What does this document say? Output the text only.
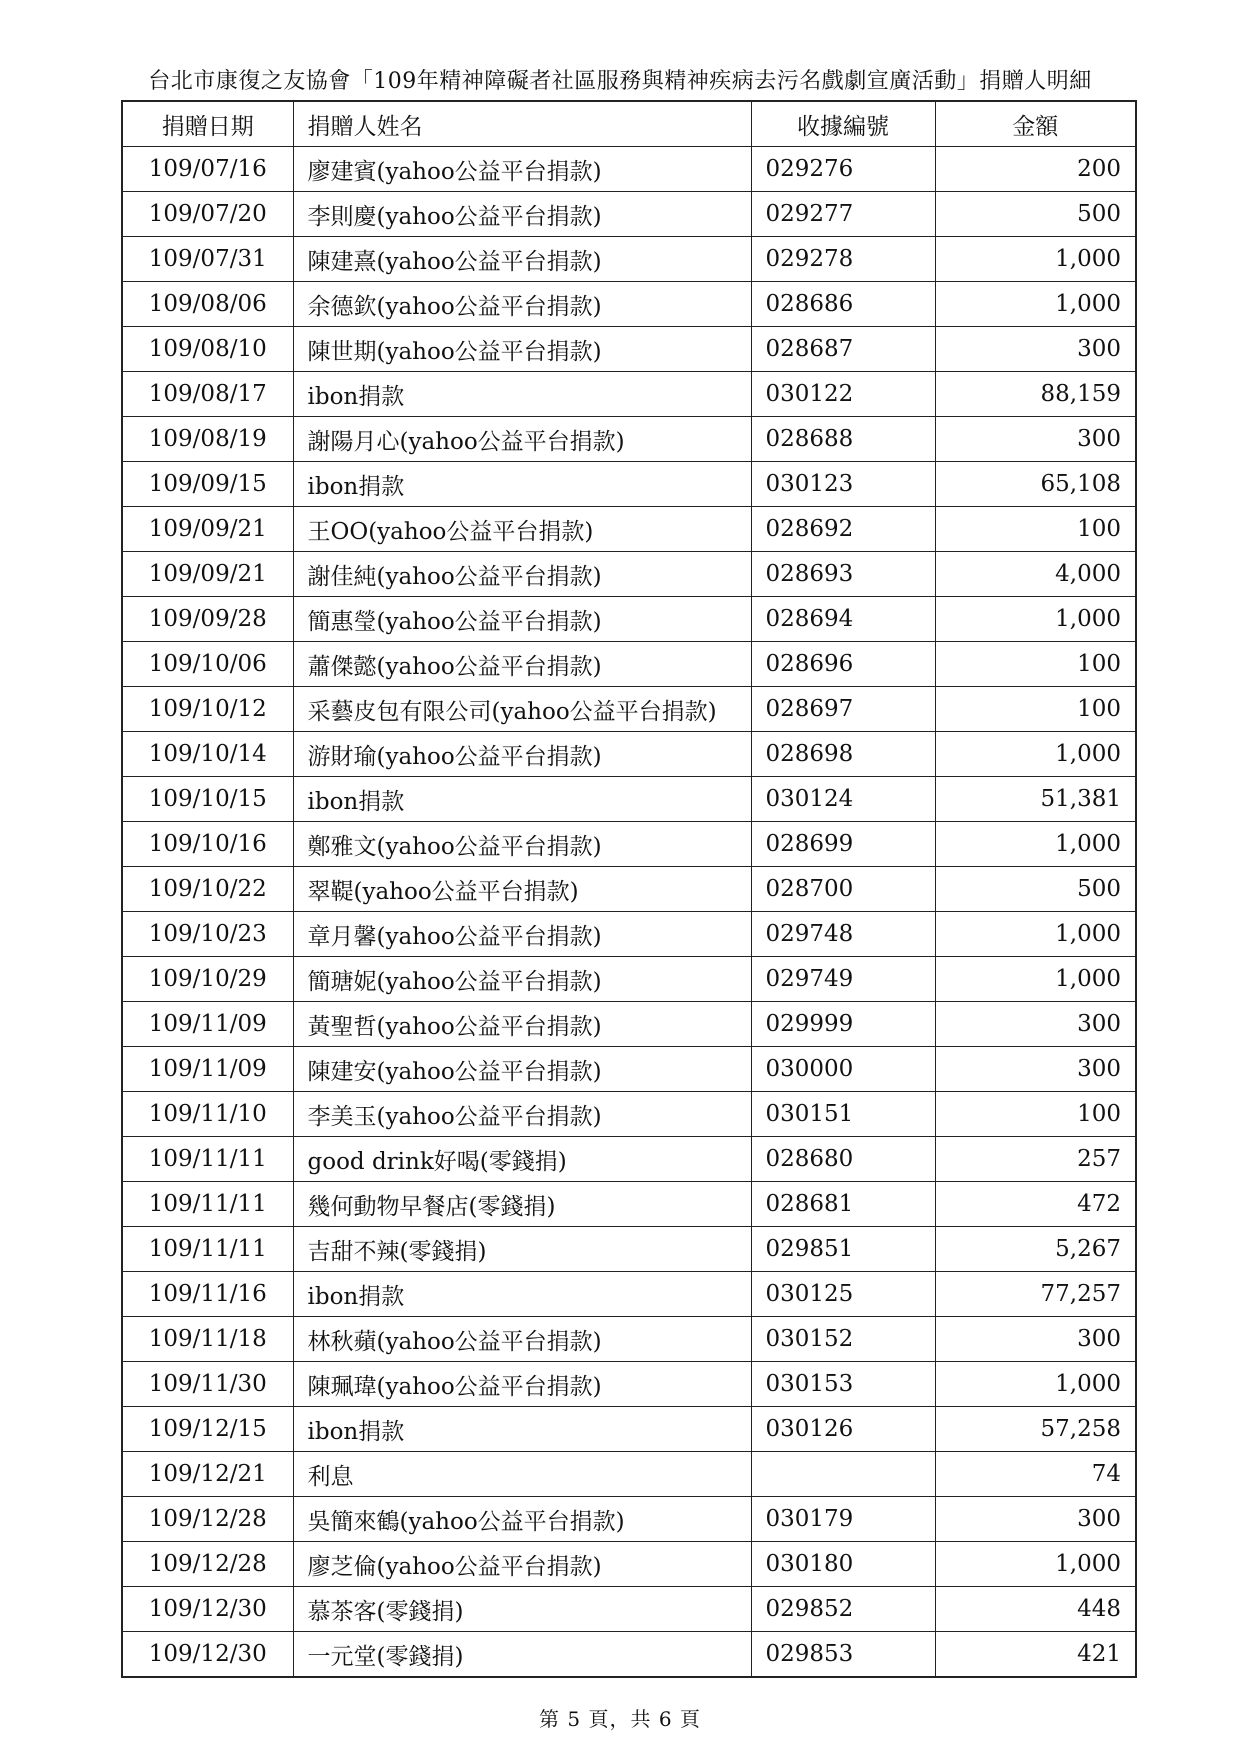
台北市康復之友協會「109年精神障礙者社區服務與精神疾病去污名戲劇宣廣活動」捐贈人明細
捐贈日期	捐贈人姓名	收據編號	金額
109/07/16	廖建賓(yahoo公益平台捐款)	029276	200
109/07/20	李則慶(yahoo公益平台捐款)	029277	500
109/07/31	陳建熹(yahoo公益平台捐款)	029278	1,000
109/08/06	余德欽(yahoo公益平台捐款)	028686	1,000
109/08/10	陳世期(yahoo公益平台捐款)	028687	300
109/08/17	ibon捐款	030122	88,159
109/08/19	謝陽月心(yahoo公益平台捐款)	028688	300
109/09/15	ibon捐款	030123	65,108
109/09/21	王OO(yahoo公益平台捐款)	028692	100
109/09/21	謝佳純(yahoo公益平台捐款)	028693	4,000
109/09/28	簡惠瑩(yahoo公益平台捐款)	028694	1,000
109/10/06	蕭傑懿(yahoo公益平台捐款)	028696	100
109/10/12	采藝皮包有限公司(yahoo公益平台捐款)	028697	100
109/10/14	游財瑜(yahoo公益平台捐款)	028698	1,000
109/10/15	ibon捐款	030124	51,381
109/10/16	鄭雅文(yahoo公益平台捐款)	028699	1,000
109/10/22	翠鞮(yahoo公益平台捐款)	028700	500
109/10/23	章月馨(yahoo公益平台捐款)	029748	1,000
109/10/29	簡瑭妮(yahoo公益平台捐款)	029749	1,000
109/11/09	黃聖哲(yahoo公益平台捐款)	029999	300
109/11/09	陳建安(yahoo公益平台捐款)	030000	300
109/11/10	李美玉(yahoo公益平台捐款)	030151	100
109/11/11	good drink好喝(零錢捐)	028680	257
109/11/11	幾何動物早餐店(零錢捐)	028681	472
109/11/11	吉甜不辣(零錢捐)	029851	5,267
109/11/16	ibon捐款	030125	77,257
109/11/18	林秋蘋(yahoo公益平台捐款)	030152	300
109/11/30	陳珮瑋(yahoo公益平台捐款)	030153	1,000
109/12/15	ibon捐款	030126	57,258
109/12/21	利息		74
109/12/28	吳簡來鶴(yahoo公益平台捐款)	030179	300
109/12/28	廖芝倫(yahoo公益平台捐款)	030180	1,000
109/12/30	慕茶客(零錢捐)	029852	448
109/12/30	一元堂(零錢捐)	029853	421
第 5 頁，共 6 頁
